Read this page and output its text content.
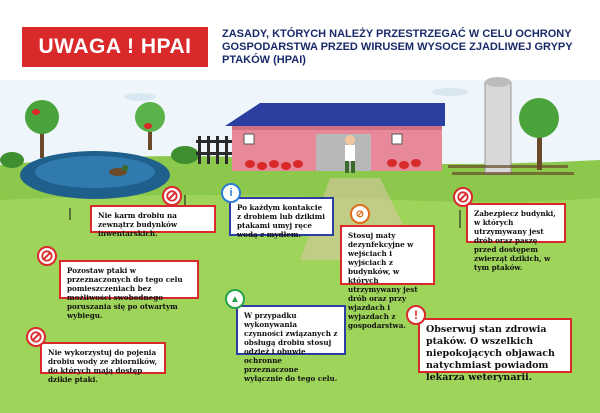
UWAGA ! HPAI
ZASADY, KTÓRYCH NALEŻY PRZESTRZEGAĆ W CELU OCHRONY GOSPODARSTWA PRZED WIRUSEM WYSOCE ZJADLIWEJ GRYPY PTAKÓW (HPAI)
Nie karm drobiu na zewnątrz budynków inwentarskich.
⊘
Po każdym kontakcie z drobiem lub dzikimi ptakami umyj ręce wodą z mydłem.
i
Stosuj maty dezynfekcyjne w wejściach i wyjściach z budynków, w których utrzymywany jest drób oraz przy wjazdach i wyjazdach z gospodarstwa.
⊘	Zabezpiecz budynki, w których utrzymywany jest drób oraz paszę przed dostępem zwierząt dzikich, w tym ptaków.
⊘
Pozostaw ptaki w przeznaczonych do tego celu pomieszczeniach bez możliwości swobodnego poruszania się po otwartym wybiegu.
⊘
W przypadku wykonywania czynności związanych z obsługą drobiu stosuj odzież i obuwie ochronne przeznaczone wyłącznie do tego celu.
▲
Nie wykorzystuj do pojenia drobiu wody ze zbiorników, do których mają dostęp dzikie ptaki.
⊘	Obserwuj stan zdrowia ptaków. O wszelkich niepokojących objawach natychmiast powiadom lekarza weterynarii.
!
